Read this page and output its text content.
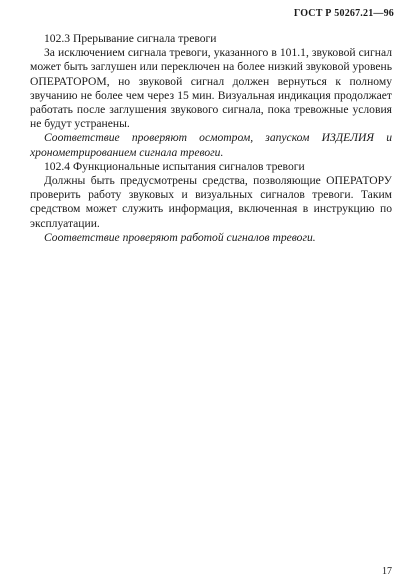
ГОСТ Р 50267.21—96

102.3 Прерывание сигнала тревоги

За исключением сигнала тревоги, указанного в 101.1, звуковой сигнал может быть заглушен или переключен на более низкий звуковой уровень ОПЕРАТОРОМ, но звуковой сигнал должен вернуться к полному звучанию не более чем через 15 мин. Визуальная индикация продолжает работать после заглушения звукового сигнала, пока тревожные условия не будут устранены.

Соответствие проверяют осмотром, запуском ИЗДЕЛИЯ и хронометрированием сигнала тревоги.

102.4 Функциональные испытания сигналов тревоги

Должны быть предусмотрены средства, позволяющие ОПЕРАТОРУ проверить работу звуковых и визуальных сигналов тревоги. Таким средством может служить информация, включенная в инструкцию по эксплуатации.

Соответствие проверяют работой сигналов тревоги.

17
